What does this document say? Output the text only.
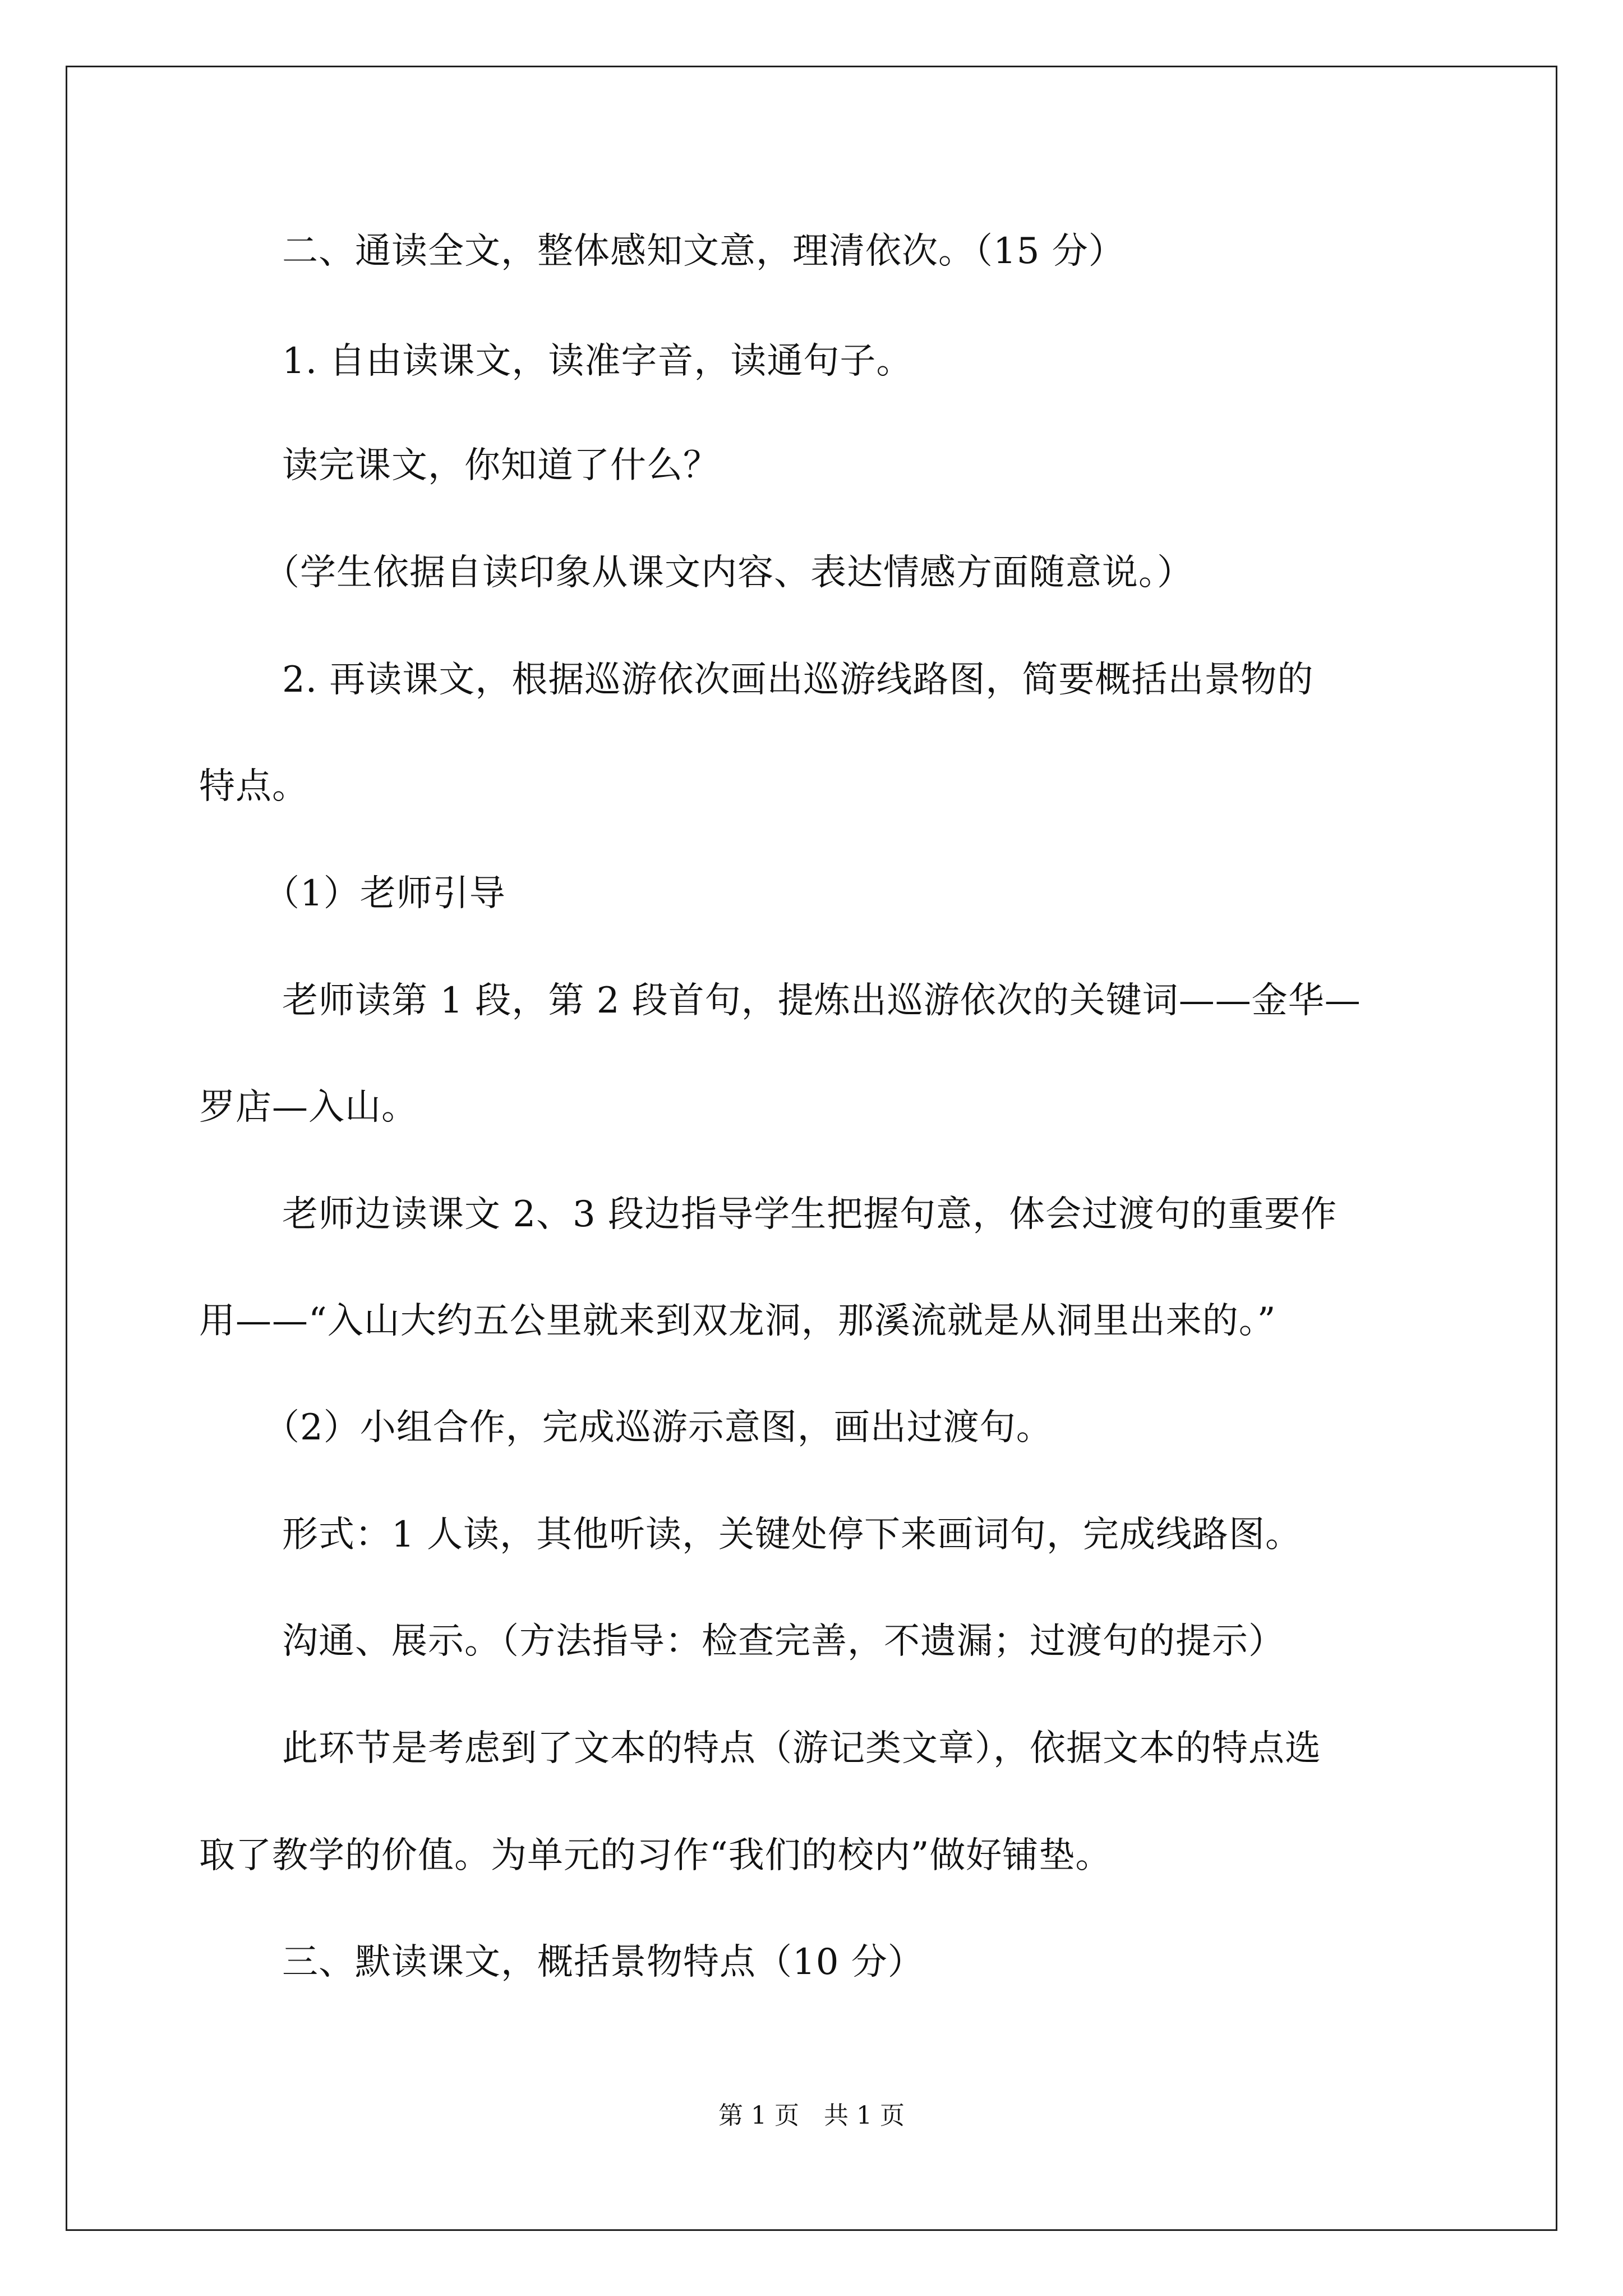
二、通读全文，整体感知文意，理清依次。（15 分）
1. 自由读课文，读准字音，读通句子。
读完课文，你知道了什么？
（学生依据自读印象从课文内容、表达情感方面随意说。）
2. 再读课文，根据巡游依次画出巡游线路图，简要概括出景物的
特点。
（1）老师引导
老师读第 1 段，第 2 段首句，提炼出巡游依次的关键词——金华—
罗店—入山。
老师边读课文 2、3 段边指导学生把握句意，体会过渡句的重要作
用——“入山大约五公里就来到双龙洞，那溪流就是从洞里出来的。”
（2）小组合作，完成巡游示意图，画出过渡句。
形式：1 人读，其他听读，关键处停下来画词句，完成线路图。
沟通、展示。（方法指导：检查完善，不遗漏；过渡句的提示）
此环节是考虑到了文本的特点（游记类文章），依据文本的特点选
取了教学的价值。为单元的习作“我们的校内”做好铺垫。
三、默读课文，概括景物特点（10 分）
第 1 页　共 1 页
